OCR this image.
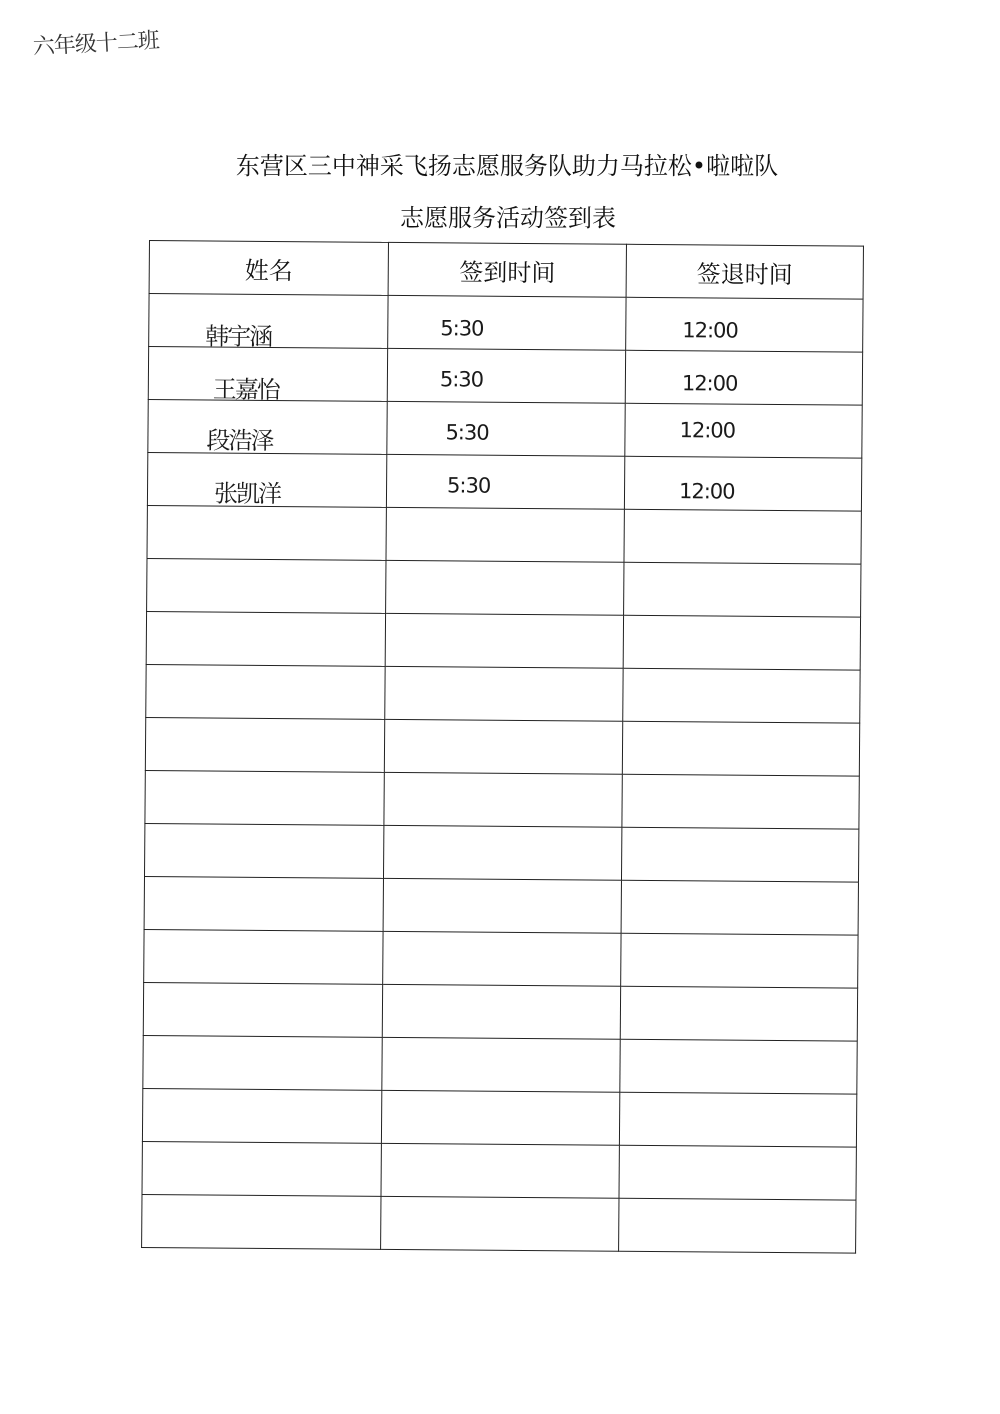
六年级十二班
东营区三中神采飞扬志愿服务队助力马拉松•啦啦队
志愿服务活动签到表
姓名	签到时间	签退时间

韩宇涵	5:30	12:00

王嘉怡	5:30	12:00

段浩泽	5:30	12:00

张凯洋	5:30	12:00
